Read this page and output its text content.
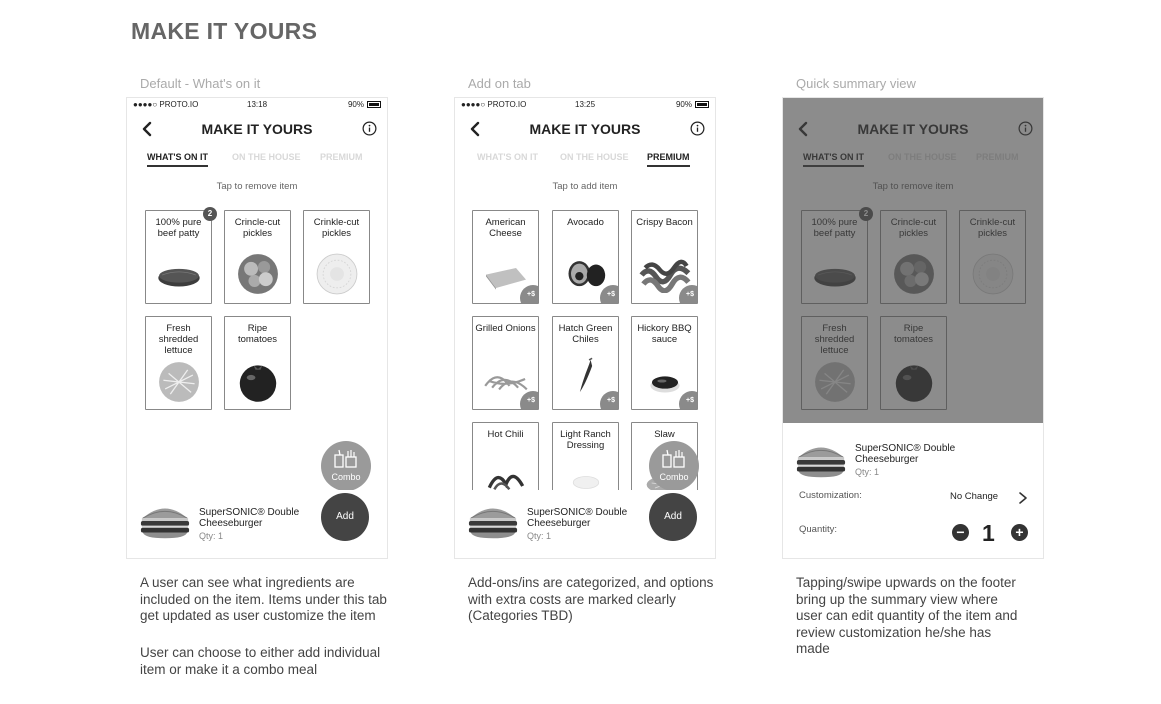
MAKE IT YOURS
Default - What's on it
●●●●○ PROTO.IO	13:18	90%
MAKE IT YOURS
WHAT'S ON IT	ON THE HOUSE PREMIUM
Tap to remove item
100% pure beef patty
2
Crincle-cut pickles
Crinkle-cut pickles
Fresh shredded lettuce
Ripe tomatoes
Combo
SuperSONIC® Double Cheeseburger
Qty: 1
Add
A user can see what ingredients are included on the item. Items under this tab get updated as user customize the item
User can choose to either add individual item or make it a combo meal
Add on tab
●●●●○ PROTO.IO	13:25	90%
MAKE IT YOURS
WHAT'S ON IT ON THE HOUSE PREMIUM
Tap to add item
American Cheese
+$
Avocado
+$
Crispy Bacon
+$
Grilled Onions
+$
Hatch Green Chiles
+$
Hickory BBQ sauce
+$
Hot Chili	Light Ranch Dressing
Slaw
Combo
SuperSONIC® Double Cheeseburger
Qty: 1
Add
Add-ons/ins are categorized, and options with extra costs are marked clearly (Categories TBD)
Quick summary view
SuperSONIC® Double Cheeseburger
Qty: 1
Customization:	No Change
Quantity:	− 1	+
Tapping/swipe upwards on the footer bring up the summary view where user can edit quantity of the item and review customization he/she has made
